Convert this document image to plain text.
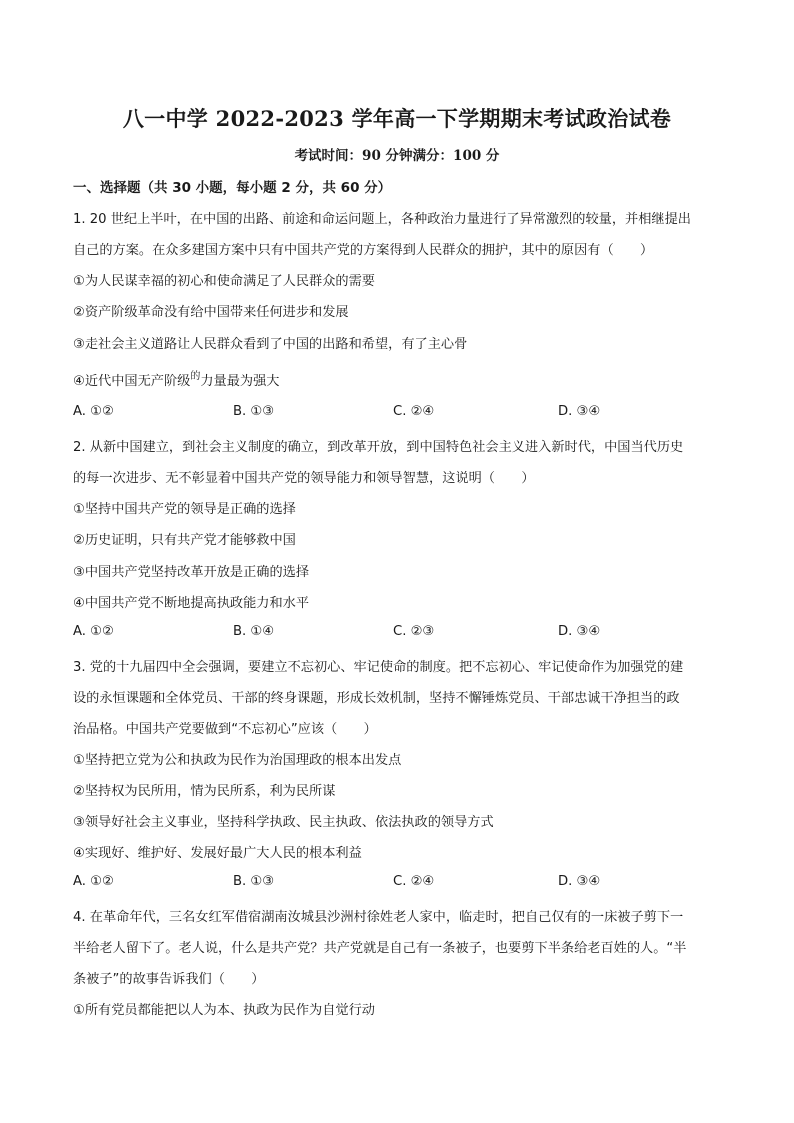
八一中学 2022-2023 学年高一下学期期末考试政治试卷
考试时间：90 分钟满分：100 分
一、选择题（共 30 小题，每小题 2 分，共 60 分）
1. 20 世纪上半叶，在中国的出路、前途和命运问题上，各种政治力量进行了异常激烈的较量，并相继提出
自己的方案。在众多建国方案中只有中国共产党的方案得到人民群众的拥护，其中的原因有（　　）
①为人民谋幸福的初心和使命满足了人民群众的需要
②资产阶级革命没有给中国带来任何进步和发展
③走社会主义道路让人民群众看到了中国的出路和希望，有了主心骨
④近代中国无产阶级$^的$力量最为强大
A. ①②	B. ①③	C. ②④	D. ③④
2. 从新中国建立，到社会主义制度的确立，到改革开放，到中国特色社会主义进入新时代，中国当代历史
的每一次进步、无不彰显着中国共产党的领导能力和领导智慧，这说明（　　）
①坚持中国共产党的领导是正确的选择
②历史证明，只有共产党才能够救中国
③中国共产党坚持改革开放是正确的选择
④中国共产党不断地提高执政能力和水平
A. ①②	B. ①④	C. ②③	D. ③④
3. 党的十九届四中全会强调，要建立不忘初心、牢记使命的制度。把不忘初心、牢记使命作为加强党的建
设的永恒课题和全体党员、干部的终身课题，形成长效机制，坚持不懈锤炼党员、干部忠诚干净担当的政
治品格。中国共产党要做到“不忘初心”应该（　　）
①坚持把立党为公和执政为民作为治国理政的根本出发点
②坚持权为民所用，情为民所系，利为民所谋
③领导好社会主义事业，坚持科学执政、民主执政、依法执政的领导方式
④实现好、维护好、发展好最广大人民的根本利益
A. ①②	B. ①③	C. ②④	D. ③④
4. 在革命年代，三名女红军借宿湖南汝城县沙洲村徐姓老人家中，临走时，把自己仅有的一床被子剪下一
半给老人留下了。老人说，什么是共产党？共产党就是自己有一条被子，也要剪下半条给老百姓的人。“半
条被子”的故事告诉我们（　　）
①所有党员都能把以人为本、执政为民作为自觉行动
